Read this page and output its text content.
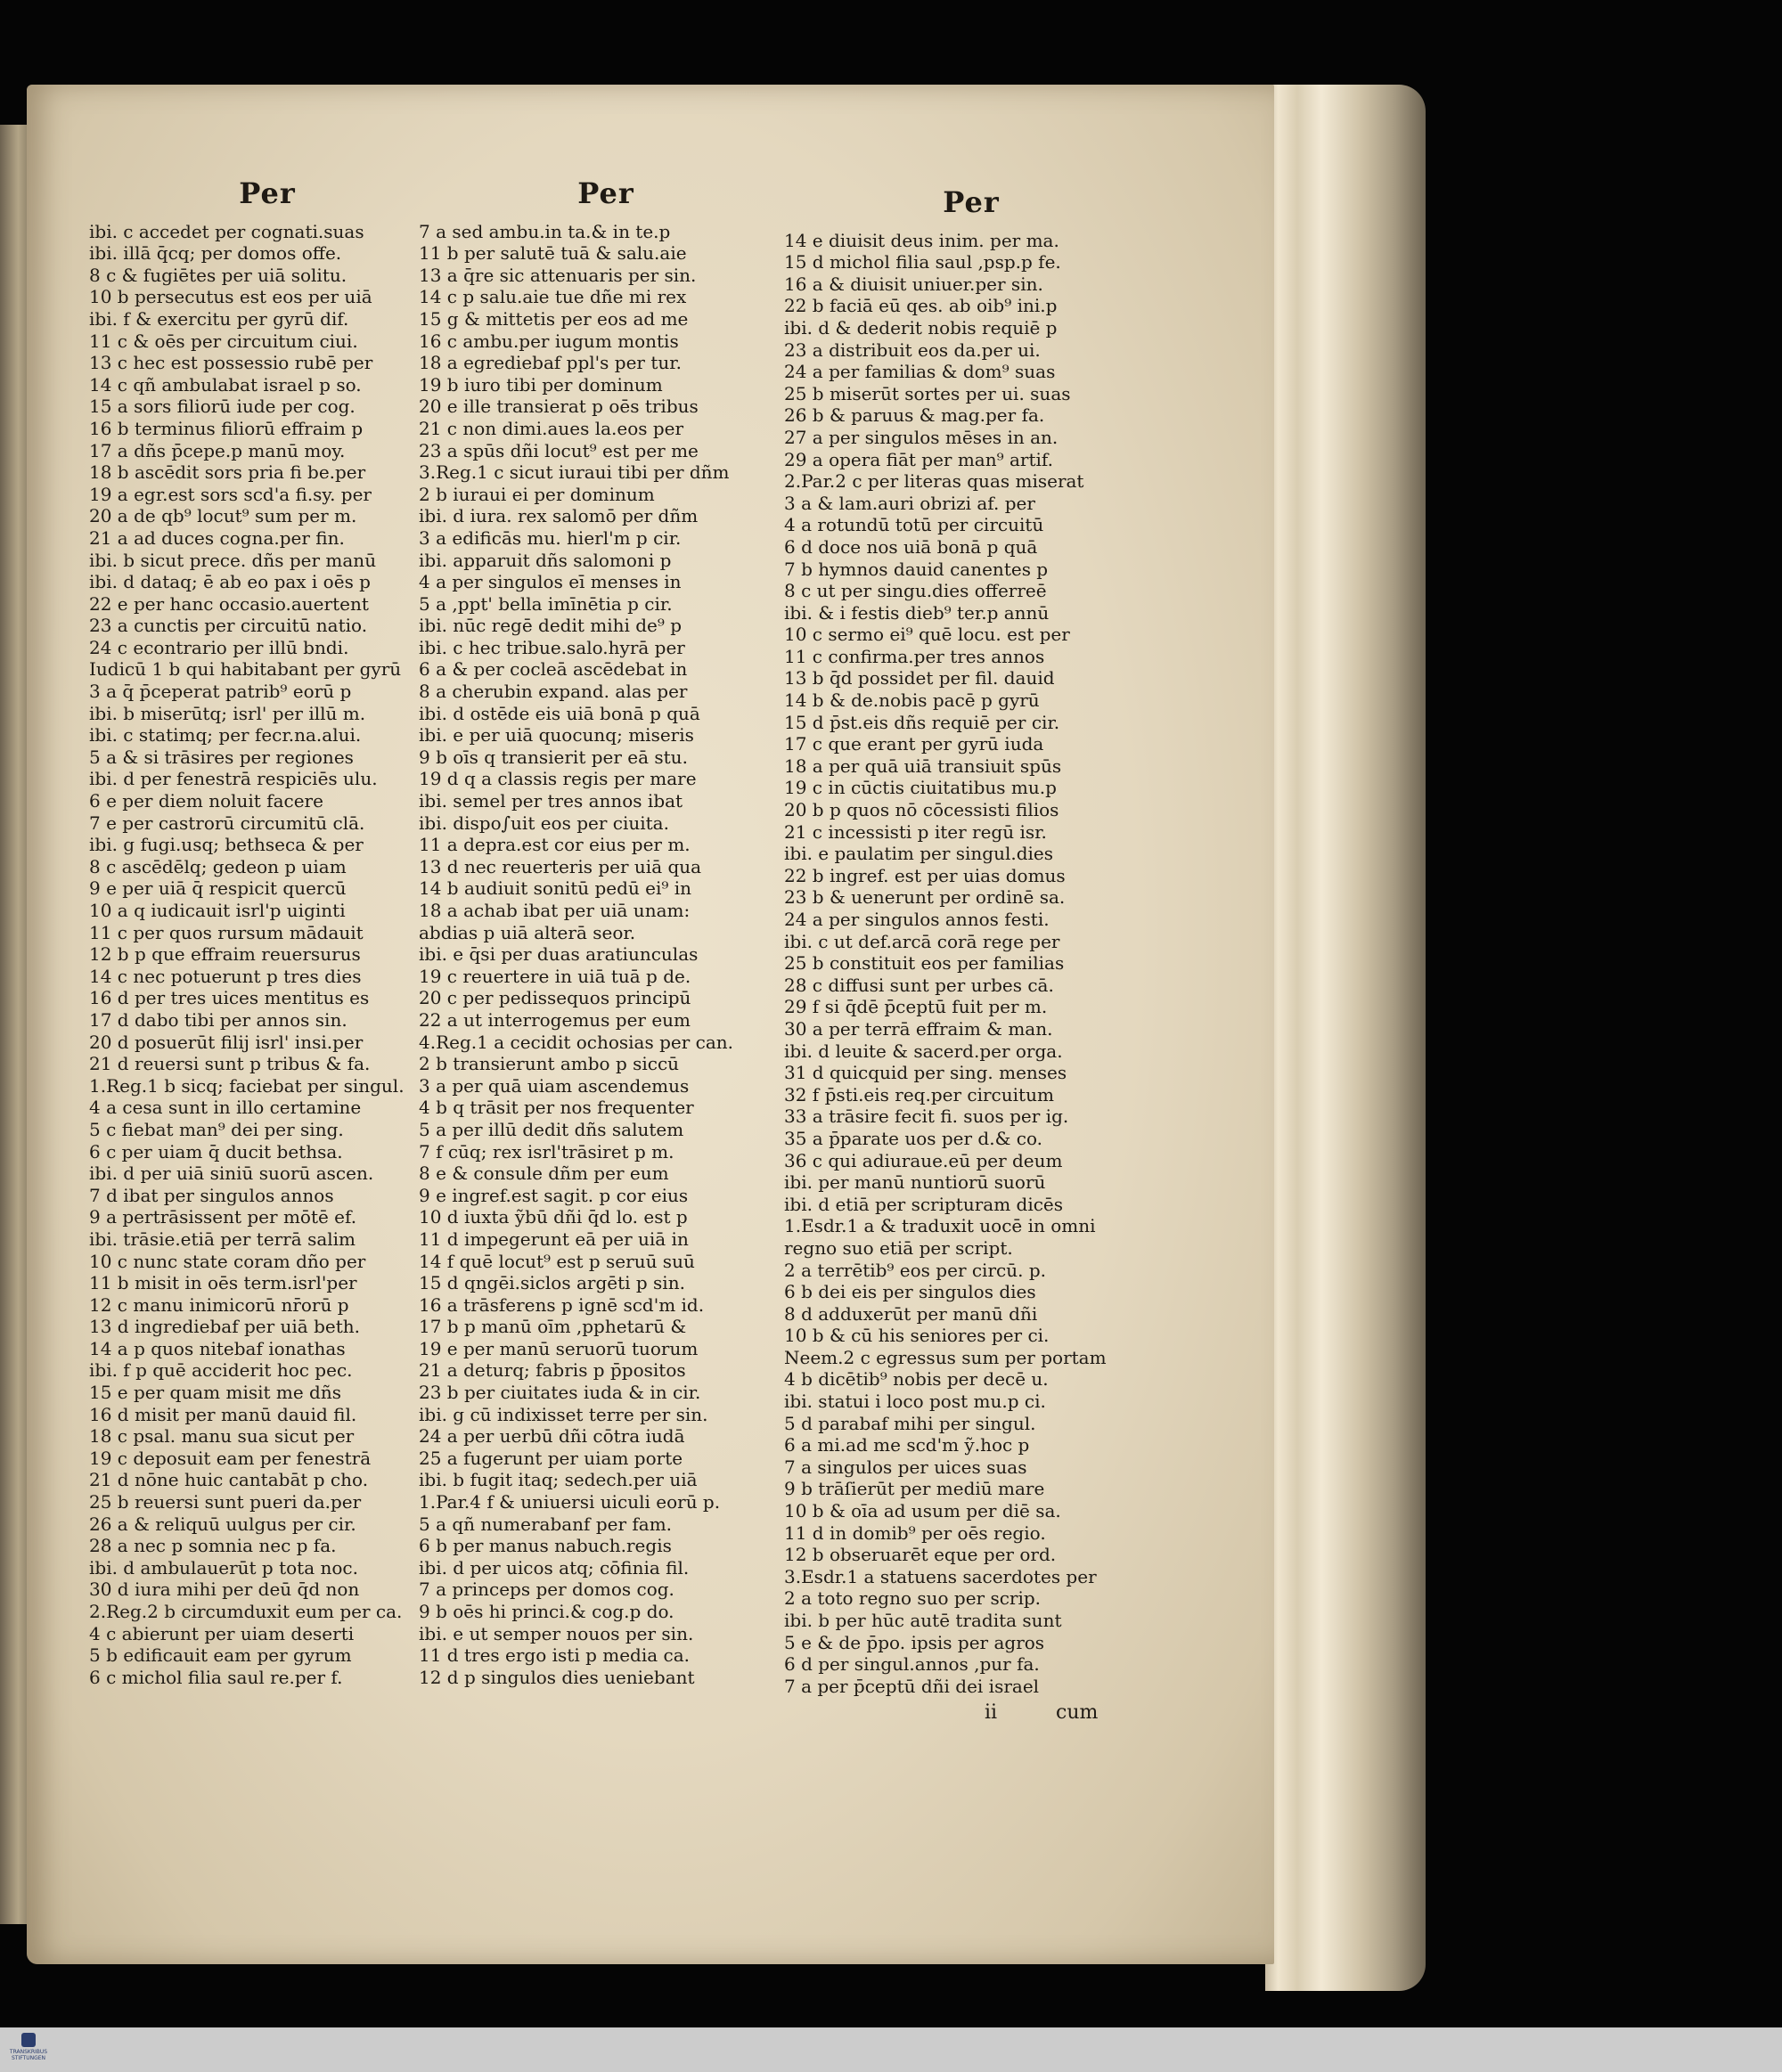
Per
ibi. c accedet per cognati.suas
ibi. illā q̄cq; per domos offe.
8 c & fugiētes per uiā solitu.
10 b persecutus est eos per uiā
ibi. f & exercitu per gyrū dif.
11 c & oēs per circuitum ciui.
13 c hec est possessio rubē per
14 c qñ ambulabat israel p so.
15 a sors filiorū iude per cog.
16 b terminus filiorū effraim p
17 a dñs p̄cepe.p manū moy.
18 b ascēdit sors pria fi be.per
19 a egr.est sors scd'a fi.sy. per
20 a de qb⁹ locut⁹ sum per m.
21 a ad duces cogna.per fin.
ibi. b sicut prece. dñs per manū
ibi. d dataq; ē ab eo pax i oēs p
22 e per hanc occasio.auertent
23 a cunctis per circuitū natio.
24 c econtrario per illū bndi.
Iudicū 1 b qui habitabant per gyrū
3 a q̄ p̄ceperat patrib⁹ eorū p
ibi. b miserūtq; isrl' per illū m.
ibi. c statimq; per fecr.na.alui.
5 a & si trāsires per regiones
ibi. d per fenestrā respiciēs ulu.
6 e per diem noluit facere
7 e per castrorū circumitū clā.
ibi. g fugi.usq; bethseca & per
8 c ascēdēlq; gedeon p uiam
9 e per uiā q̄ respicit quercū
10 a q iudicauit isrl'p uiginti
11 c per quos rursum mādauit
12 b p que effraim reuersurus
14 c nec potuerunt p tres dies
16 d per tres uices mentitus es
17 d dabo tibi per annos sin.
20 d posuerūt filij isrl' insi.per
21 d reuersi sunt p tribus & fa.
1.Reg.1 b sicq; faciebat per singul.
4 a cesa sunt in illo certamine
5 c fiebat man⁹ dei per sing.
6 c per uiam q̄ ducit bethsa.
ibi. d per uiā siniū suorū ascen.
7 d ibat per singulos annos
9 a pertrāsissent per mōtē ef.
ibi. trāsie.etiā per terrā salim
10 c nunc state coram dño per
11 b misit in oēs term.isrl'per
12 c manu inimicorū nr̄orū p
13 d ingrediebaf per uiā beth.
14 a p quos nitebaf ionathas
ibi. f p quē acciderit hoc pec.
15 e per quam misit me dñs
16 d misit per manū dauid fil.
18 c psal. manu sua sicut per
19 c deposuit eam per fenestrā
21 d nōne huic cantabāt p cho.
25 b reuersi sunt pueri da.per
26 a & reliquū uulgus per cir.
28 a nec p somnia nec p fa.
ibi. d ambulauerūt p tota noc.
30 d iura mihi per deū q̄d non
2.Reg.2 b circumduxit eum per ca.
4 c abierunt per uiam deserti
5 b edificauit eam per gyrum
6 c michol filia saul re.per f.
Per
7 a sed ambu.in ta.& in te.p
11 b per salutē tuā & salu.aie
13 a q̄re sic attenuaris per sin.
14 c p salu.aie tue dñe mi rex
15 g & mittetis per eos ad me
16 c ambu.per iugum montis
18 a egrediebaf ppl's per tur.
19 b iuro tibi per dominum
20 e ille transierat p oēs tribus
21 c non dimi.aues la.eos per
23 a spūs dñi locut⁹ est per me
3.Reg.1 c sicut iuraui tibi per dñm
2 b iuraui ei per dominum
ibi. d iura. rex salomō per dñm
3 a edificās mu. hierl'm p cir.
ibi. apparuit dñs salomoni p
4 a per singulos eī menses in
5 a ,ppt' bella imīnētia p cir.
ibi. nūc regē dedit mihi de⁹ p
ibi. c hec tribue.salo.hyrā per
6 a & per cocleā ascēdebat in
8 a cherubin expand. alas per
ibi. d ostēde eis uiā bonā p quā
ibi. e per uiā quocunq; miseris
9 b oīs q transierit per eā stu.
19 d q a classis regis per mare
ibi. semel per tres annos ibat
ibi. dispo∫uit eos per ciuita.
11 a depra.est cor eius per m.
13 d nec reuerteris per uiā qua
14 b audiuit sonitū pedū ei⁹ in
18 a achab ibat per uiā unam:
abdias p uiā alterā seor.
ibi. e q̄si per duas aratiunculas
19 c reuertere in uiā tuā p de.
20 c per pedissequos principū
22 a ut interrogemus per eum
4.Reg.1 a cecidit ochosias per can.
2 b transierunt ambo p siccū
3 a per quā uiam ascendemus
4 b q trāsit per nos frequenter
5 a per illū dedit dñs salutem
7 f cūq; rex isrl'trāsiret p m.
8 e & consule dñm per eum
9 e ingref.est sagit. p cor eius
10 d iuxta ỹbū dñi q̄d lo. est p
11 d impegerunt eā per uiā in
14 f quē locut⁹ est p seruū suū
15 d qngēi.siclos argēti p sin.
16 a trāsferens p ignē scd'm id.
17 b p manū oīm ,pphetarū &
19 e per manū seruorū tuorum
21 a deturq; fabris p p̄positos
23 b per ciuitates iuda & in cir.
ibi. g cū indixisset terre per sin.
24 a per uerbū dñi cōtra iudā
25 a fugerunt per uiam porte
ibi. b fugit itaq; sedech.per uiā
1.Par.4 f & uniuersi uiculi eorū p.
5 a qñ numerabanf per fam.
6 b per manus nabuch.regis
ibi. d per uicos atq; cōfinia fil.
7 a princeps per domos cog.
9 b oēs hi princi.& cog.p do.
ibi. e ut semper nouos per sin.
11 d tres ergo isti p media ca.
12 d p singulos dies ueniebant
Per
14 e diuisit deus inim. per ma.
15 d michol filia saul ,psp.p fe.
16 a & diuisit uniuer.per sin.
22 b faciā eū qes. ab oib⁹ ini.p
ibi. d & dederit nobis requiē p
23 a distribuit eos da.per ui.
24 a per familias & dom⁹ suas
25 b miserūt sortes per ui. suas
26 b & paruus & mag.per fa.
27 a per singulos mēses in an.
29 a opera fiāt per man⁹ artif.
2.Par.2 c per literas quas miserat
3 a & lam.auri obrizi af. per
4 a rotundū totū per circuitū
6 d doce nos uiā bonā p quā
7 b hymnos dauid canentes p
8 c ut per singu.dies offerreē
ibi. & i festis dieb⁹ ter.p annū
10 c sermo ei⁹ quē locu. est per
11 c confirma.per tres annos
13 b q̄d possidet per fil. dauid
14 b & de.nobis pacē p gyrū
15 d p̄st.eis dñs requiē per cir.
17 c que erant per gyrū iuda
18 a per quā uiā transiuit spūs
19 c in cūctis ciuitatibus mu.p
20 b p quos nō cōcessisti filios
21 c incessisti p iter regū isr.
ibi. e paulatim per singul.dies
22 b ingref. est per uias domus
23 b & uenerunt per ordinē sa.
24 a per singulos annos festi.
ibi. c ut def.arcā corā rege per
25 b constituit eos per familias
28 c diffusi sunt per urbes cā.
29 f si q̄dē p̄ceptū fuit per m.
30 a per terrā effraim & man.
ibi. d leuite & sacerd.per orga.
31 d quicquid per sing. menses
32 f p̄sti.eis req.per circuitum
33 a trāsire fecit fi. suos per ig.
35 a p̄parate uos per d.& co.
36 c qui adiurauе.eū per deum
ibi. per manū nuntiorū suorū
ibi. d etiā per scripturam dicēs
1.Esdr.1 a & traduxit uocē in omni
regno suo etiā per script.
2 a terrētib⁹ eos per circū. p.
6 b dei eis per singulos dies
8 d adduxerūt per manū dñi
10 b & cū his seniores per ci.
Neem.2 c egressus sum per portam
4 b dicētib⁹ nobis per decē u.
ibi. statui i loco post mu.p ci.
5 d parabaf mihi per singul.
6 a mi.ad me scd'm ỹ.hoc p
7 a singulos per uices suas
9 b trāſierūt per mediū mare
10 b & oīa ad usum per diē sa.
11 d in domib⁹ per oēs regio.
12 b obseruarēt eque per ord.
3.Esdr.1 a statuens sacerdotes per
2 a toto regno suo per scrip.
ibi. b per hūc autē tradita sunt
5 e & de p̄po. ipsis per agros
6 d per singul.annos ,pur fa.
7 a per p̄ceptū dñi dei israel
ii	cum
TRANSKRIBUS
STIFTUNGEN
